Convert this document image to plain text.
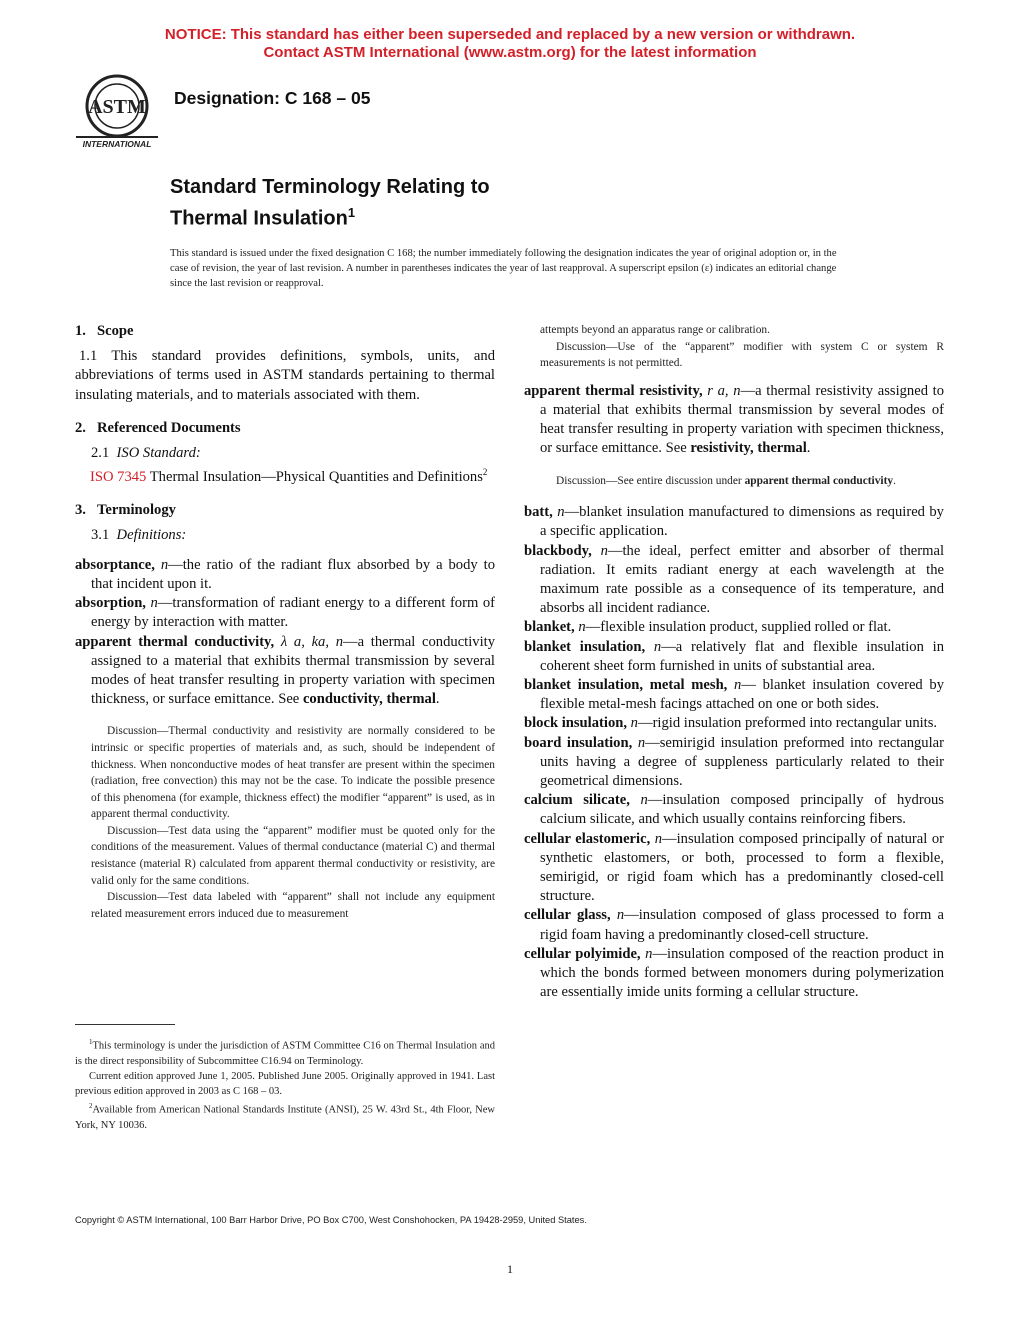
NOTICE: This standard has either been superseded and replaced by a new version or withdrawn.
Contact ASTM International (www.astm.org) for the latest information
ASTM
INTERNATIONAL
Designation: C 168 – 05
Standard Terminology Relating to
Thermal Insulation$^1$
This standard is issued under the fixed designation C 168; the number immediately following the designation indicates the year of original adoption or, in the case of revision, the year of last revision. A number in parentheses indicates the year of last reapproval. A superscript epsilon (ε) indicates an editorial change since the last revision or reapproval.
1. Scope

1.1 This standard provides definitions, symbols, units, and abbreviations of terms used in ASTM standards pertaining to thermal insulating materials, and to materials associated with them.

2. Referenced Documents
2.1 ISO Standard:

ISO 7345 Thermal Insulation—Physical Quantities and Definitions$^2$

3. Terminology
3.1 Definitions:

absorptance, n—the ratio of the radiant flux absorbed by a body to that incident upon it.

absorption, n—transformation of radiant energy to a different form of energy by interaction with matter.

apparent thermal conductivity, λ a, ka, n—a thermal conductivity assigned to a material that exhibits thermal transmission by several modes of heat transfer resulting in property variation with specimen thickness, or surface emittance. See conductivity, thermal.

Discussion—Thermal conductivity and resistivity are normally considered to be intrinsic or specific properties of materials and, as such, should be independent of thickness. When nonconductive modes of heat transfer are present within the specimen (radiation, free convection) this may not be the case. To indicate the possible presence of this phenomena (for example, thickness effect) the modifier “apparent” is used, as in apparent thermal conductivity.

Discussion—Test data using the “apparent” modifier must be quoted only for the conditions of the measurement. Values of thermal conductance (material C) and thermal resistance (material R) calculated from apparent thermal conductivity or resistivity, are valid only for the same conditions.

Discussion—Test data labeled with “apparent” shall not include any equipment related measurement errors induced due to measurement

attempts beyond an apparatus range or calibration.

Discussion—Use of the “apparent” modifier with system C or system R measurements is not permitted.

apparent thermal resistivity, r a, n—a thermal resistivity assigned to a material that exhibits thermal transmission by several modes of heat transfer resulting in property variation with specimen thickness, or surface emittance. See resistivity, thermal.

Discussion—See entire discussion under apparent thermal conductivity.

batt, n—blanket insulation manufactured to dimensions as required by a specific application.

blackbody, n—the ideal, perfect emitter and absorber of thermal radiation. It emits radiant energy at each wavelength at the maximum rate possible as a consequence of its temperature, and absorbs all incident radiance.

blanket, n—flexible insulation product, supplied rolled or flat.

blanket insulation, n—a relatively flat and flexible insulation in coherent sheet form furnished in units of substantial area.

blanket insulation, metal mesh, n— blanket insulation covered by flexible metal-mesh facings attached on one or both sides.

block insulation, n—rigid insulation preformed into rectangular units.

board insulation, n—semirigid insulation preformed into rectangular units having a degree of suppleness particularly related to their geometrical dimensions.

calcium silicate, n—insulation composed principally of hydrous calcium silicate, and which usually contains reinforcing fibers.

cellular elastomeric, n—insulation composed principally of natural or synthetic elastomers, or both, processed to form a flexible, semirigid, or rigid foam which has a predominantly closed-cell structure.

cellular glass, n—insulation composed of glass processed to form a rigid foam having a predominantly closed-cell structure.

cellular polyimide, n—insulation composed of the reaction product in which the bonds formed between monomers during polymerization are essentially imide units forming a cellular structure.

$^1$This terminology is under the jurisdiction of ASTM Committee C16 on Thermal Insulation and is the direct responsibility of Subcommittee C16.94 on Terminology.

Current edition approved June 1, 2005. Published June 2005. Originally approved in 1941. Last previous edition approved in 2003 as C 168 – 03.

$^2$Available from American National Standards Institute (ANSI), 25 W. 43rd St., 4th Floor, New York, NY 10036.

Copyright © ASTM International, 100 Barr Harbor Drive, PO Box C700, West Conshohocken, PA 19428-2959, United States.
1
